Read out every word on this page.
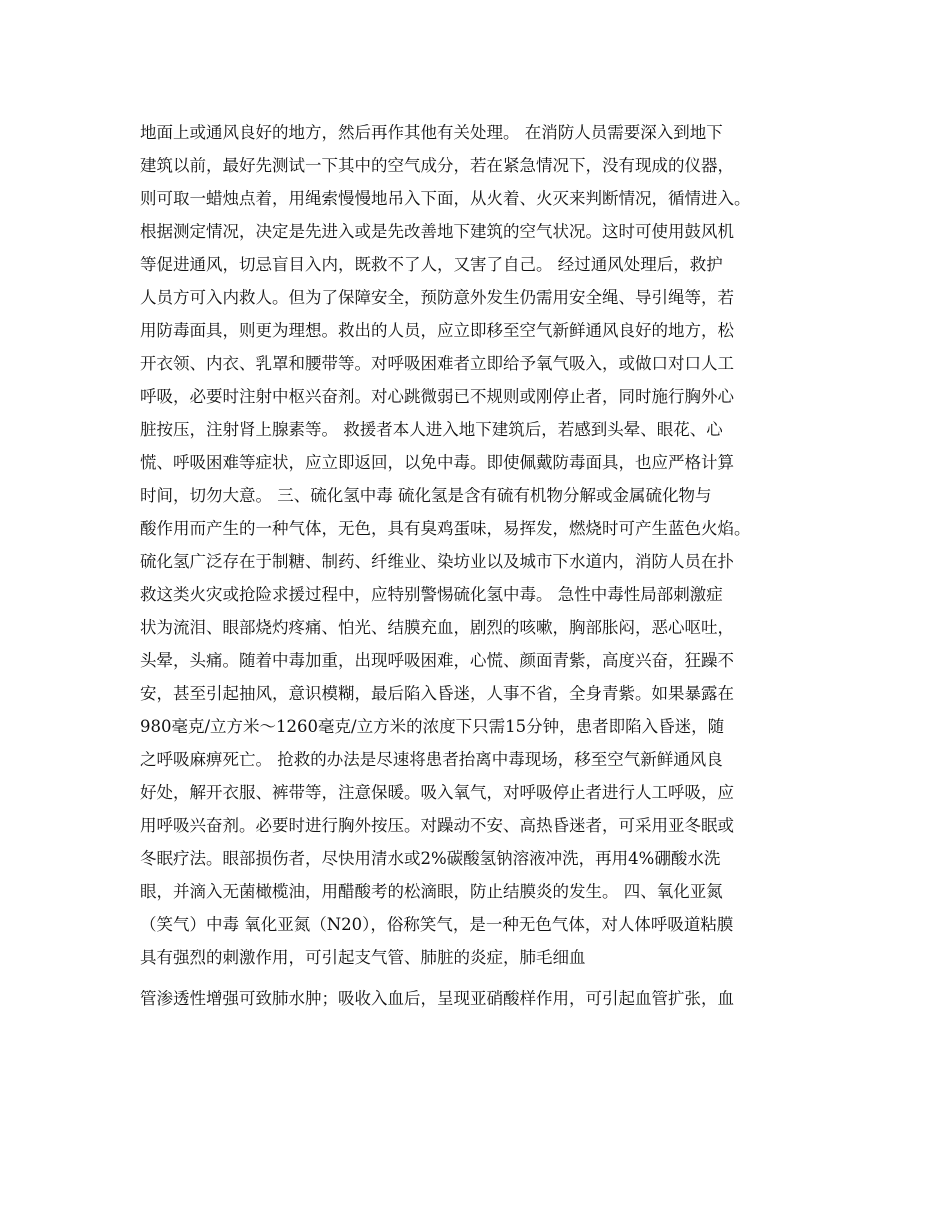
地面上或通风良好的地方，然后再作其他有关处理。 在消防人员需要深入到地下
建筑以前，最好先测试一下其中的空气成分，若在紧急情况下，没有现成的仪器，
则可取一蜡烛点着，用绳索慢慢地吊入下面，从火着、火灭来判断情况，循情进入。
根据测定情况，决定是先进入或是先改善地下建筑的空气状况。这时可使用鼓风机
等促进通风，切忌盲目入内，既救不了人，又害了自己。 经过通风处理后，救护
人员方可入内救人。但为了保障安全，预防意外发生仍需用安全绳、导引绳等，若
用防毒面具，则更为理想。救出的人员，应立即移至空气新鲜通风良好的地方，松
开衣领、内衣、乳罩和腰带等。对呼吸困难者立即给予氧气吸入，或做口对口人工
呼吸，必要时注射中枢兴奋剂。对心跳微弱已不规则或刚停止者，同时施行胸外心
脏按压，注射肾上腺素等。 救援者本人进入地下建筑后，若感到头晕、眼花、心
慌、呼吸困难等症状，应立即返回，以免中毒。即使佩戴防毒面具，也应严格计算
时间，切勿大意。 三、硫化氢中毒 硫化氢是含有硫有机物分解或金属硫化物与
酸作用而产生的一种气体，无色，具有臭鸡蛋味，易挥发，燃烧时可产生蓝色火焰。
硫化氢广泛存在于制糖、制药、纤维业、染坊业以及城市下水道内，消防人员在扑
救这类火灾或抢险求援过程中，应特别警惕硫化氢中毒。 急性中毒性局部刺激症
状为流泪、眼部烧灼疼痛、怕光、结膜充血，剧烈的咳嗽，胸部胀闷，恶心呕吐，
头晕，头痛。随着中毒加重，出现呼吸困难，心慌、颜面青紫，高度兴奋，狂躁不
安，甚至引起抽风，意识模糊，最后陷入昏迷，人事不省，全身青紫。如果暴露在
980毫克/立方米～1260毫克/立方米的浓度下只需15分钟，患者即陷入昏迷，随
之呼吸麻痹死亡。 抢救的办法是尽速将患者抬离中毒现场，移至空气新鲜通风良
好处，解开衣服、裤带等，注意保暖。吸入氧气，对呼吸停止者进行人工呼吸，应
用呼吸兴奋剂。必要时进行胸外按压。对躁动不安、高热昏迷者，可采用亚冬眠或
冬眠疗法。眼部损伤者，尽快用清水或2%碳酸氢钠溶液冲洗，再用4%硼酸水洗
眼，并滴入无菌橄榄油，用醋酸考的松滴眼，防止结膜炎的发生。 四、氧化亚氮
（笑气）中毒 氧化亚氮（N20），俗称笑气，是一种无色气体，对人体呼吸道粘膜
具有强烈的刺激作用，可引起支气管、肺脏的炎症，肺毛细血
管渗透性增强可致肺水肿；吸收入血后，呈现亚硝酸样作用，可引起血管扩张，血
